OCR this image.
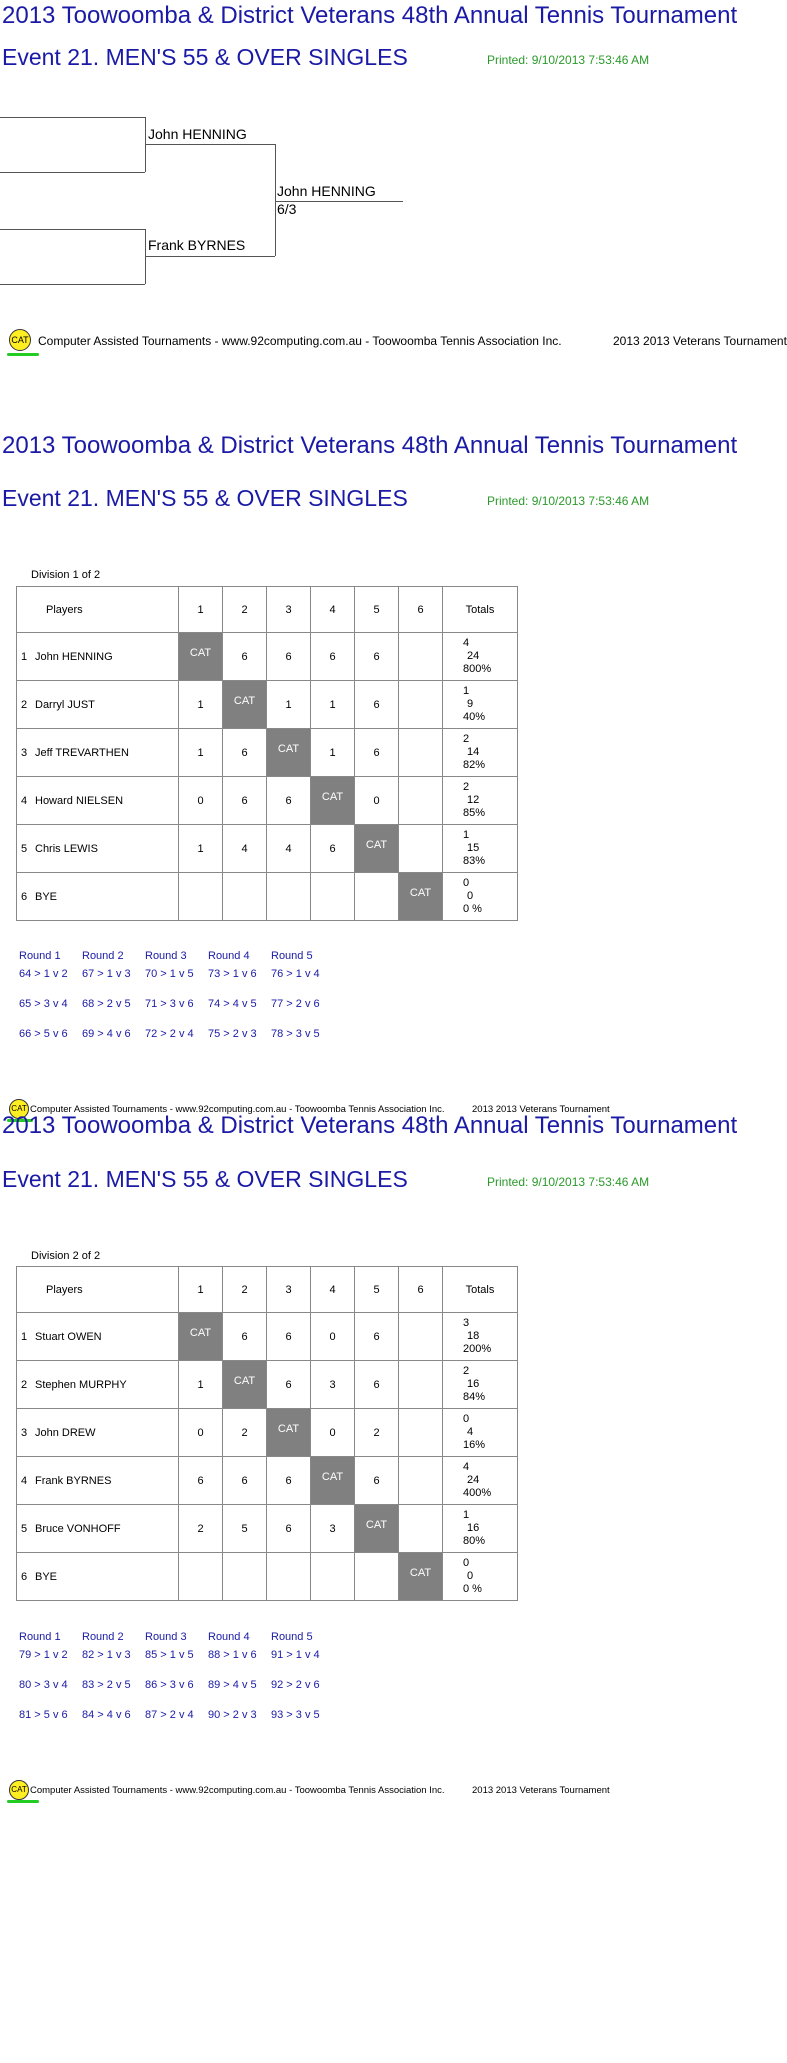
2013 Toowoomba & District Veterans 48th Annual Tennis Tournament
Event 21. MEN'S 55 & OVER SINGLES	Printed: 9/10/2013 7:53:46 AM
John HENNING
Frank BYRNES
John HENNING
6/3
CAT Computer Assisted Tournaments - www.92computing.com.au - Toowoomba Tennis Association Inc.	2013 2013 Veterans Tournament
2013 Toowoomba & District Veterans 48th Annual Tennis Tournament
Event 21. MEN'S 55 & OVER SINGLES	Printed: 9/10/2013 7:53:46 AM
Division 1 of 2
Players	1	2	3	4	5	6	Totals
1 John HENNING	CAT	6	6	6	6		4
24
800%

2 Darryl JUST	1	CAT	1	1	6		1
9
40%

3 Jeff TREVARTHEN	1	6	CAT	1	6		2
14
82%

4 Howard NIELSEN	0	6	6	CAT	0		2
12
85%

5 Chris LEWIS	1	4	4	6	CAT		1
15
83%

6 BYE						CAT	0
0
0 %
Round 1
64 > 1 v 2
65 > 3 v 4
66 > 5 v 6
Round 2
67 > 1 v 3
68 > 2 v 5
69 > 4 v 6
Round 3
70 > 1 v 5
71 > 3 v 6
72 > 2 v 4
Round 4
73 > 1 v 6
74 > 4 v 5
75 > 2 v 3
Round 5
76 > 1 v 4
77 > 2 v 6
78 > 3 v 5
CAT Computer Assisted Tournaments - www.92computing.com.au - Toowoomba Tennis Association Inc.	2013 2013 Veterans Tournament
2013 Toowoomba & District Veterans 48th Annual Tennis Tournament
Event 21. MEN'S 55 & OVER SINGLES	Printed: 9/10/2013 7:53:46 AM
Division 2 of 2
Players	1	2	3	4	5	6	Totals
1 Stuart OWEN	CAT	6	6	0	6		3
18
200%

2 Stephen MURPHY	1	CAT	6	3	6		2
16
84%

3 John DREW	0	2	CAT	0	2		0
4
16%

4 Frank BYRNES	6	6	6	CAT	6		4
24
400%

5 Bruce VONHOFF	2	5	6	3	CAT		1
16
80%

6 BYE						CAT	0
0
0 %
Round 1
79 > 1 v 2
80 > 3 v 4
81 > 5 v 6
Round 2
82 > 1 v 3
83 > 2 v 5
84 > 4 v 6
Round 3
85 > 1 v 5
86 > 3 v 6
87 > 2 v 4
Round 4
88 > 1 v 6
89 > 4 v 5
90 > 2 v 3
Round 5
91 > 1 v 4
92 > 2 v 6
93 > 3 v 5
CAT Computer Assisted Tournaments - www.92computing.com.au - Toowoomba Tennis Association Inc.	2013 2013 Veterans Tournament
